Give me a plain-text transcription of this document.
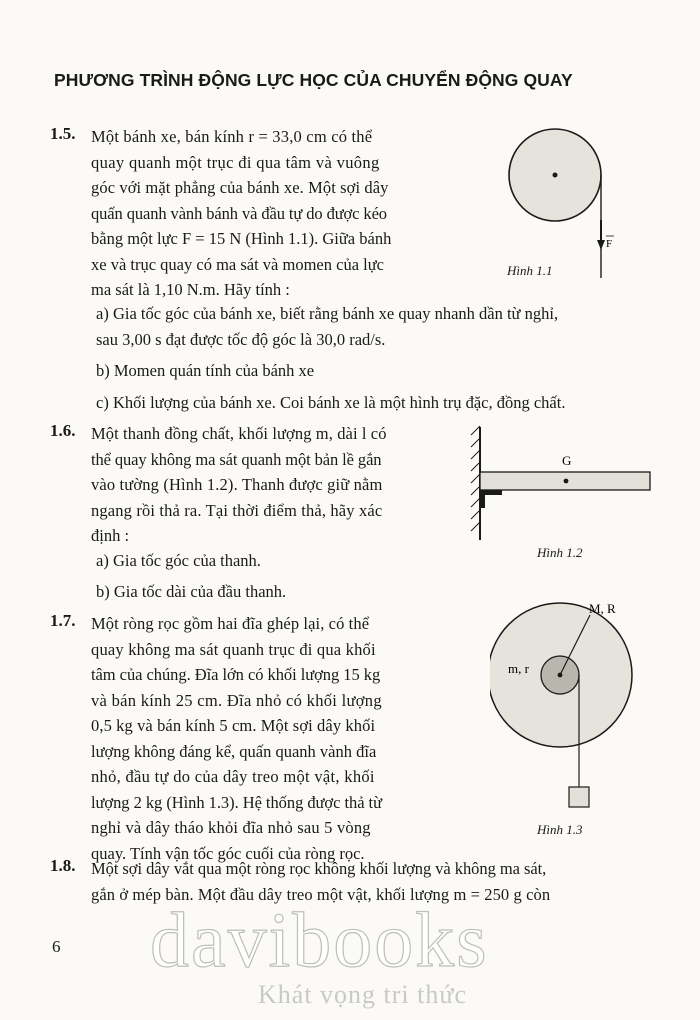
PHƯƠNG TRÌNH ĐỘNG LỰC HỌC CỦA CHUYỂN ĐỘNG QUAY
1.5. Một bánh xe, bán kính r = 33,0 cm có thể
quay quanh một trục đi qua tâm và vuông
góc với mặt phẳng của bánh xe. Một sợi dây
quấn quanh vành bánh và đầu tự do được kéo
bằng một lực F = 15 N (Hình 1.1). Giữa bánh
xe và trục quay có ma sát và momen của lực
ma sát là 1,10 N.m. Hãy tính :
a) Gia tốc góc của bánh xe, biết rằng bánh xe quay nhanh dần từ nghỉ,
sau 3,00 s đạt được tốc độ góc là 30,0 rad/s.
b) Momen quán tính của bánh xe
c) Khối lượng của bánh xe. Coi bánh xe là một hình trụ đặc, đồng chất.
F
Hình 1.1
1.6. Một thanh đồng chất, khối lượng m, dài l có
thể quay không ma sát quanh một bản lề gắn
vào tường (Hình 1.2). Thanh được giữ nằm
ngang rồi thả ra. Tại thời điểm thả, hãy xác
định :
a) Gia tốc góc của thanh.
b) Gia tốc dài của đầu thanh.
G
Hình 1.2
1.7. Một ròng rọc gồm hai đĩa ghép lại, có thể
quay không ma sát quanh trục đi qua khối
tâm của chúng. Đĩa lớn có khối lượng 15 kg
và bán kính 25 cm. Đĩa nhỏ có khối lượng
0,5 kg và bán kính 5 cm. Một sợi dây khối
lượng không đáng kể, quấn quanh vành đĩa
nhỏ, đầu tự do của dây treo một vật, khối
lượng 2 kg (Hình 1.3). Hệ thống được thả từ
nghỉ và dây tháo khỏi đĩa nhỏ sau 5 vòng
quay. Tính vận tốc góc cuối của ròng rọc.
M, R
m, r
Hình 1.3
1.8. Một sợi dây vắt qua một ròng rọc không khối lượng và không ma sát,
gắn ở mép bàn. Một đầu dây treo một vật, khối lượng m = 250 g còn
6 davibooks
Khát vọng tri thức
